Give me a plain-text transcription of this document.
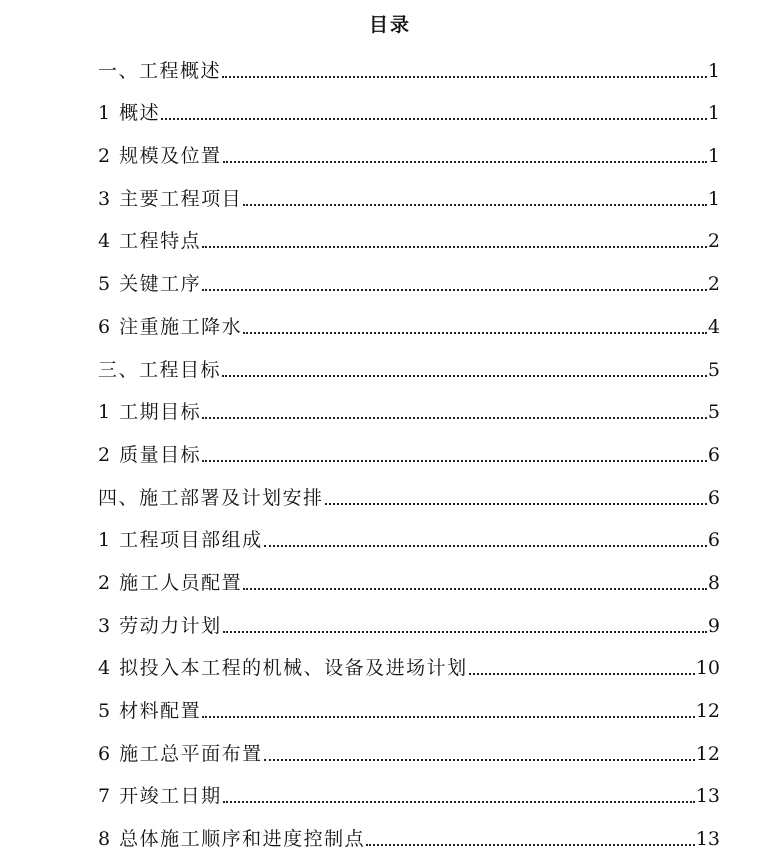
目录
一、工程概述	1
1 概述	1
2 规模及位置	1
3 主要工程项目	1
4 工程特点	2
5 关键工序	2
6 注重施工降水	4
三、工程目标	5
1 工期目标	5
2 质量目标	6
四、施工部署及计划安排	6
1 工程项目部组成	6
2 施工人员配置	8
3 劳动力计划	9
4 拟投入本工程的机械、设备及进场计划	10
5 材料配置	12
6 施工总平面布置	12
7 开竣工日期	13
8 总体施工顺序和进度控制点	13
